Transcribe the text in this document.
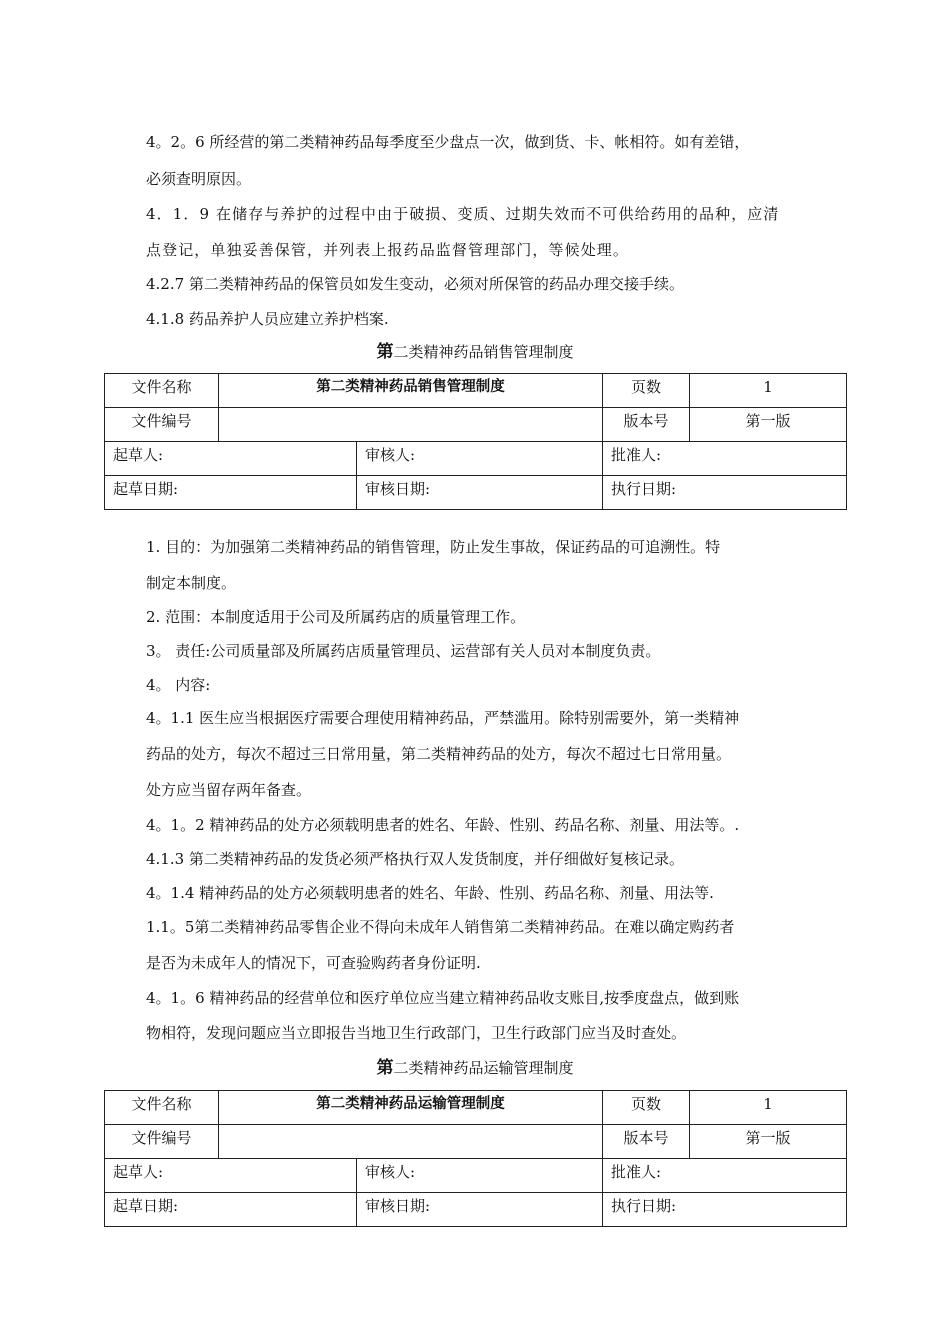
4。2。6 所经营的第二类精神药品每季度至少盘点一次，做到货、卡、帐相符。如有差错，
必须查明原因。
4．1．9 在储存与养护的过程中由于破损、变质、过期失效而不可供给药用的品种，应清
点登记，单独妥善保管，并列表上报药品监督管理部门，等候处理。
4.2.7 第二类精神药品的保管员如发生变动，必须对所保管的药品办理交接手续。
4.1.8 药品养护人员应建立养护档案.
第二类精神药品销售管理制度
文件名称	第二类精神药品销售管理制度		页数	1
文件编号			版本号	第一版
起草人:		审核人:	批准人:	
起草日期:		审核日期:	执行日期:	
1. 目的：为加强第二类精神药品的销售管理，防止发生事故，保证药品的可追溯性。特
制定本制度。
2. 范围：本制度适用于公司及所属药店的质量管理工作。
3。 责任:公司质量部及所属药店质量管理员、运营部有关人员对本制度负责。
4。 内容:
4。1.1 医生应当根据医疗需要合理使用精神药品，严禁滥用。除特别需要外，第一类精神
药品的处方，每次不超过三日常用量，第二类精神药品的处方，每次不超过七日常用量。
处方应当留存两年备查。
4。1。2 精神药品的处方必须载明患者的姓名、年龄、性别、药品名称、剂量、用法等。.
4.1.3 第二类精神药品的发货必须严格执行双人发货制度，并仔细做好复核记录。
4。1.4 精神药品的处方必须载明患者的姓名、年龄、性别、药品名称、剂量、用法等.
1.1。5第二类精神药品零售企业不得向未成年人销售第二类精神药品。在难以确定购药者
是否为未成年人的情况下，可查验购药者身份证明.
4。1。6 精神药品的经营单位和医疗单位应当建立精神药品收支账目,按季度盘点，做到账
物相符，发现问题应当立即报告当地卫生行政部门，卫生行政部门应当及时查处。
第二类精神药品运输管理制度
文件名称	第二类精神药品运输管理制度		页数	1
文件编号			版本号	第一版
起草人:		审核人:	批准人:	
起草日期:		审核日期:	执行日期:	
